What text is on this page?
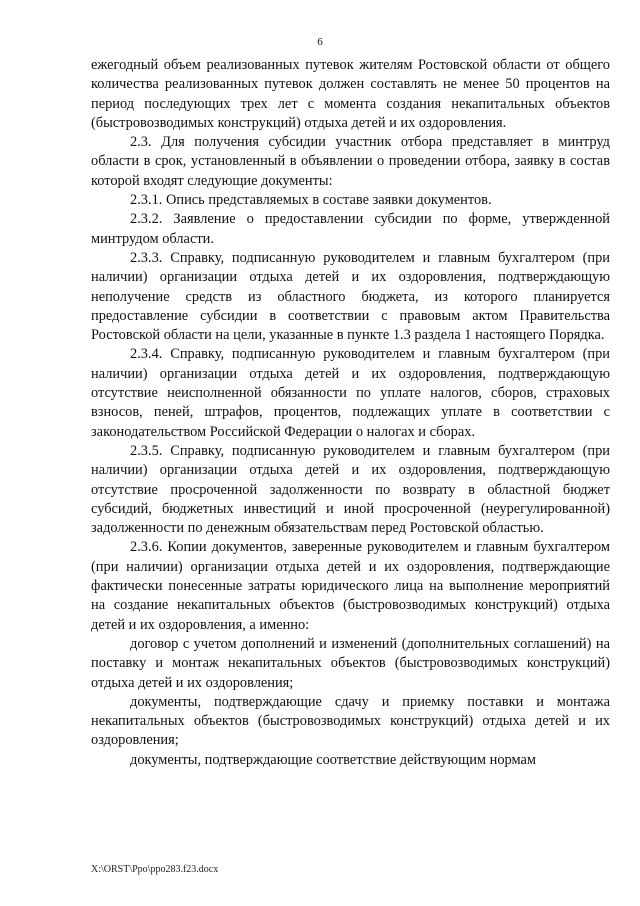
6

ежегодный объем реализованных путевок жителям Ростовской области от общего количества реализованных путевок должен составлять не менее 50 процентов на период последующих трех лет с момента создания некапитальных объектов (быстровозводимых конструкций) отдыха детей и их оздоровления.

2.3. Для получения субсидии участник отбора представляет в минтруд области в срок, установленный в объявлении о проведении отбора, заявку в состав которой входят следующие документы:

2.3.1. Опись представляемых в составе заявки документов.

2.3.2. Заявление о предоставлении субсидии по форме, утвержденной минтрудом области.

2.3.3. Справку, подписанную руководителем и главным бухгалтером (при наличии) организации отдыха детей и их оздоровления, подтверждающую неполучение средств из областного бюджета, из которого планируется предоставление субсидии в соответствии с правовым актом Правительства Ростовской области на цели, указанные в пункте 1.3 раздела 1 настоящего Порядка.

2.3.4. Справку, подписанную руководителем и главным бухгалтером (при наличии) организации отдыха детей и их оздоровления, подтверждающую отсутствие неисполненной обязанности по уплате налогов, сборов, страховых взносов, пеней, штрафов, процентов, подлежащих уплате в соответствии с законодательством Российской Федерации о налогах и сборах.

2.3.5. Справку, подписанную руководителем и главным бухгалтером (при наличии) организации отдыха детей и их оздоровления, подтверждающую отсутствие просроченной задолженности по возврату в областной бюджет субсидий, бюджетных инвестиций и иной просроченной (неурегулированной) задолженности по денежным обязательствам перед Ростовской областью.

2.3.6. Копии документов, заверенные руководителем и главным бухгалтером (при наличии) организации отдыха детей и их оздоровления, подтверждающие фактически понесенные затраты юридического лица на выполнение мероприятий на создание некапитальных объектов (быстровозводимых конструкций) отдыха детей и их оздоровления, а именно:

договор с учетом дополнений и изменений (дополнительных соглашений) на поставку и монтаж некапитальных объектов (быстровозводимых конструкций) отдыха детей и их оздоровления;

документы, подтверждающие сдачу и приемку поставки и монтажа некапитальных объектов (быстровозводимых конструкций) отдыха детей и их оздоровления;

документы, подтверждающие соответствие действующим нормам

X:\ORST\Ppo\ppo283.f23.docx
